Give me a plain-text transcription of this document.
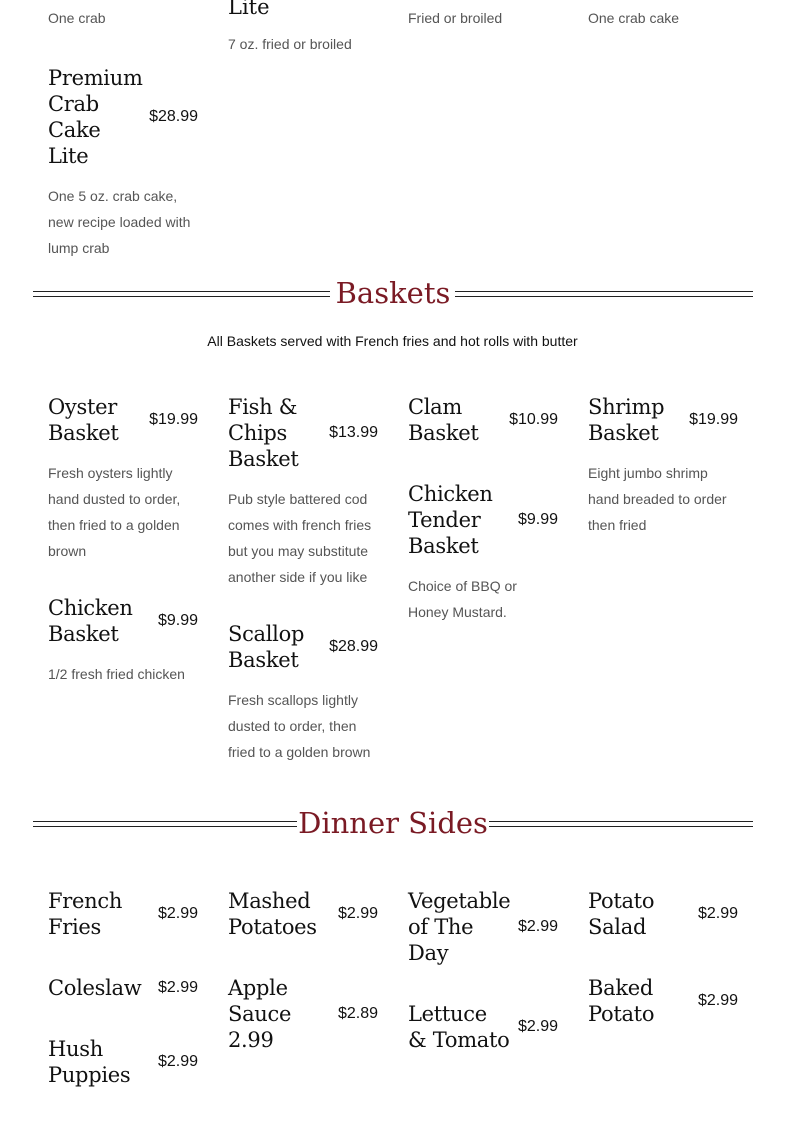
One crab	Lite
7 oz. fried or broiled
Fried or broiled	One crab cake
Premium Crab Cake Lite
$28.99
One 5 oz. crab cake, new recipe loaded with lump crab
Baskets
All Baskets served with French fries and hot rolls with butter
Oyster Basket
$19.99
Fresh oysters lightly hand dusted to order, then fried to a golden brown
Chicken Basket
$9.99
1/2 fresh fried chicken
Fish & Chips Basket
$13.99
Pub style battered cod comes with french fries but you may substitute another side if you like
Scallop Basket
$28.99
Fresh scallops lightly dusted to order, then fried to a golden brown
Clam Basket
$10.99
Chicken Tender Basket
$9.99
Choice of BBQ or Honey Mustard.
Shrimp Basket
$19.99
Eight jumbo shrimp hand breaded to order then fried
Dinner Sides
French Fries
$2.99
Coleslaw $2.99
Hush Puppies
$2.99
Mashed Potatoes
$2.99
Apple Sauce 2.99
$2.89
Vegetable of The Day
$2.99
Lettuce & Tomato
$2.99
Potato Salad
$2.99
Baked Potato
$2.99
